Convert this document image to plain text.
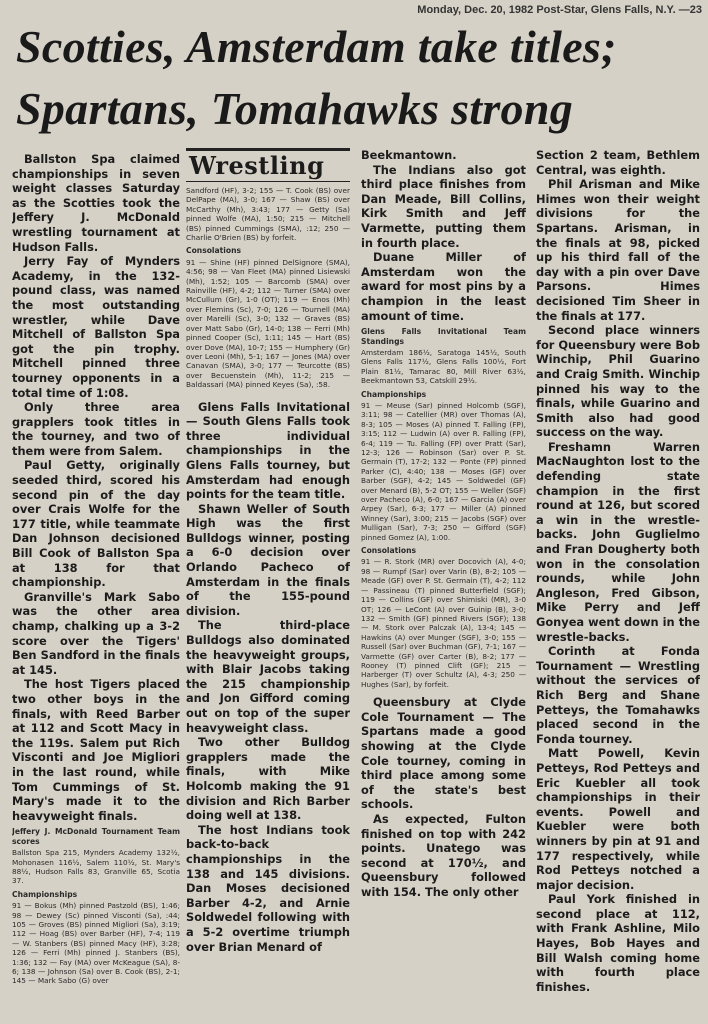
Monday, Dec. 20, 1982 Post-Star, Glens Falls, N.Y. —23
Scotties, Amsterdam take titles;
Spartans, Tomahawks strong

Ballston Spa claimed championships in seven weight classes Saturday as the Scotties took the Jeffery J. McDonald wrestling tournament at Hudson Falls.

Jerry Fay of Mynders Academy, in the 132-pound class, was named the most outstanding wrestler, while Dave Mitchell of Ballston Spa got the pin trophy. Mitchell pinned three tourney opponents in a total time of 1:08.

Only three area grapplers took titles in the tourney, and two of them were from Salem.

Paul Getty, originally seeded third, scored his second pin of the day over Crais Wolfe for the 177 title, while teammate Dan Johnson decisioned Bill Cook of Ballston Spa at 138 for that championship.

Granville's Mark Sabo was the other area champ, chalking up a 3-2 score over the Tigers' Ben Sandford in the finals at 145.

The host Tigers placed two other boys in the finals, with Reed Barber at 112 and Scott Macy in the 119s. Salem put Rich Visconti and Joe Migliori in the last round, while Tom Cummings of St. Mary's made it to the heavyweight finals.

Jeffery J. McDonald Tournament Team scores

Ballston Spa 215, Mynders Academy 132½, Mohonasen 116½, Salem 110½, St. Mary's 88½, Hudson Falls 83, Granville 65, Scotia 37.

Championships

91 — Bokus (Mh) pinned Pastzold (BS), 1:46; 98 — Dewey (Sc) pinned Visconti (Sa), :44; 105 — Groves (BS) pinned Migliori (Sa), 3:19; 112 — Hoag (BS) over Barber (HF), 7-4; 119 — W. Stanbers (BS) pinned Macy (HF), 3:28; 126 — Ferri (Mh) pinned J. Stanbers (BS), 1:36; 132 — Fay (MA) over McKeague (SA), 8-6; 138 — Johnson (Sa) over B. Cook (BS), 2-1; 145 — Mark Sabo (G) over

Wrestling

Sandford (HF), 3-2; 155 — T. Cook (BS) over DelPape (MA), 3-0; 167 — Shaw (BS) over McCarthy (Mh), 3:43; 177 — Getty (Sa) pinned Wolfe (MA), 1:50; 215 — Mitchell (BS) pinned Cummings (SMA), :12; 250 — Charlie O'Brien (BS) by forfeit.

Consolations

91 — Shine (HF) pinned DelSignore (SMA), 4:56; 98 — Van Fleet (MA) pinned Lisiewski (Mh), 1:52; 105 — Barcomb (SMA) over Rainville (HF), 4-2; 112 — Turner (SMA) over McCullum (Gr), 1-0 (OT); 119 — Enos (Mh) over Flemins (Sc), 7-0; 126 — Tournell (MA) over Marelli (Sc), 3-0; 132 — Graves (BS) over Matt Sabo (Gr), 14-0; 138 — Ferri (Mh) pinned Cooper (Sc), 1:11; 145 — Hart (BS) over Dove (MA), 10-7; 155 — Humphery (Gr) over Leoni (Mh), 5-1; 167 — Jones (MA) over Canavan (SMA), 3-0; 177 — Teurcotte (BS) over Becuenstein (Mh), 11-2; 215 — Baldassari (MA) pinned Keyes (Sa), :58.

Glens Falls Invitational — South Glens Falls took three individual championships in the Glens Falls tourney, but Amsterdam had enough points for the team title.

Shawn Weller of South High was the first Bulldogs winner, posting a 6-0 decision over Orlando Pacheco of Amsterdam in the finals of the 155-pound division.

The third-place Bulldogs also dominated the heavyweight groups, with Blair Jacobs taking the 215 championship and Jon Gifford coming out on top of the super heavyweight class.

Two other Bulldog grapplers made the finals, with Mike Holcomb making the 91 division and Rich Barber doing well at 138.

The host Indians took back-to-back championships in the 138 and 145 divisions. Dan Moses decisioned Barber 4-2, and Arnie Soldwedel following with a 5-2 overtime triumph over Brian Menard of

Beekmantown.

The Indians also got third place finishes from Dan Meade, Bill Collins, Kirk Smith and Jeff Varmette, putting them in fourth place.

Duane Miller of Amsterdam won the award for most pins by a champion in the least amount of time.

Glens Falls Invitational Team Standings

Amsterdam 186½, Saratoga 145½, South Glens Falls 117½, Glens Falls 100½, Fort Plain 81½, Tamarac 80, Mill River 63½, Beekmantown 53, Catskill 29½.

Championships

91 — Meuse (Sar) pinned Holcomb (SGF), 3:11; 98 — Catellier (MR) over Thomas (A), 8-3; 105 — Moses (A) pinned T. Falling (FP), 3:15; 112 — Ludwin (A) over R. Falling (FP), 6-4; 119 — Tu. Falling (FP) over Pratt (Sar), 12-3; 126 — Robinson (Sar) over P. St. Germain (T), 17-2; 132 — Ponte (FP) pinned Parker (C), 4:40; 138 — Moses (GF) over Barber (SGF), 4-2; 145 — Soldwedel (GF) over Menard (B), 5-2 OT; 155 — Weller (SGF) over Pacheco (A), 6-0; 167 — Garcia (A) over Arpey (Sar), 6-3; 177 — Miller (A) pinned Winney (Sar), 3:00; 215 — Jacobs (SGF) over Mulligan (Sar), 7-3; 250 — Gifford (SGF) pinned Gomez (A), 1:00.

Consolations

91 — R. Stork (MR) over Docovich (A), 4-0; 98 — Rumpf (Sar) over Varin (B), 8-2; 105 — Meade (GF) over P. St. Germain (T), 4-2; 112 — Passineau (T) pinned Butterfield (SGF); 119 — Collins (GF) over Shimiski (MR), 3-0 OT; 126 — LeCont (A) over Guinip (B), 3-0; 132 — Smith (GF) pinned Rivers (SGF); 138 — M. Stork over Palczak (A), 13-4; 145 — Hawkins (A) over Munger (SGF), 3-0; 155 — Russell (Sar) over Buchman (GF), 7-1; 167 — Varmette (GF) over Carter (B), 8-2; 177 — Rooney (T) pinned Clift (GF); 215 — Harberger (T) over Schultz (A), 4-3; 250 — Hughes (Sar), by forfeit.

Queensbury at Clyde Cole Tournament — The Spartans made a good showing at the Clyde Cole tourney, coming in third place among some of the state's best schools.

As expected, Fulton finished on top with 242 points. Unatego was second at 170½, and Queensbury followed with 154. The only other

Section 2 team, Bethlem Central, was eighth.

Phil Arisman and Mike Himes won their weight divisions for the Spartans. Arisman, in the finals at 98, picked up his third fall of the day with a pin over Dave Parsons. Himes decisioned Tim Sheer in the finals at 177.

Second place winners for Queensbury were Bob Winchip, Phil Guarino and Craig Smith. Winchip pinned his way to the finals, while Guarino and Smith also had good success on the way.

Freshamn Warren MacNaughton lost to the defending state champion in the first round at 126, but scored a win in the wrestle-backs. John Guglielmo and Fran Dougherty both won in the consolation rounds, while John Angleson, Fred Gibson, Mike Perry and Jeff Gonyea went down in the wrestle-backs.

Corinth at Fonda Tournament — Wrestling without the services of Rich Berg and Shane Petteys, the Tomahawks placed second in the Fonda tourney.

Matt Powell, Kevin Petteys, Rod Petteys and Eric Kuebler all took championships in their events. Powell and Kuebler were both winners by pin at 91 and 177 respectively, while Rod Petteys notched a major decision.

Paul York finished in second place at 112, with Frank Ashline, Milo Hayes, Bob Hayes and Bill Walsh coming home with fourth place finishes.
